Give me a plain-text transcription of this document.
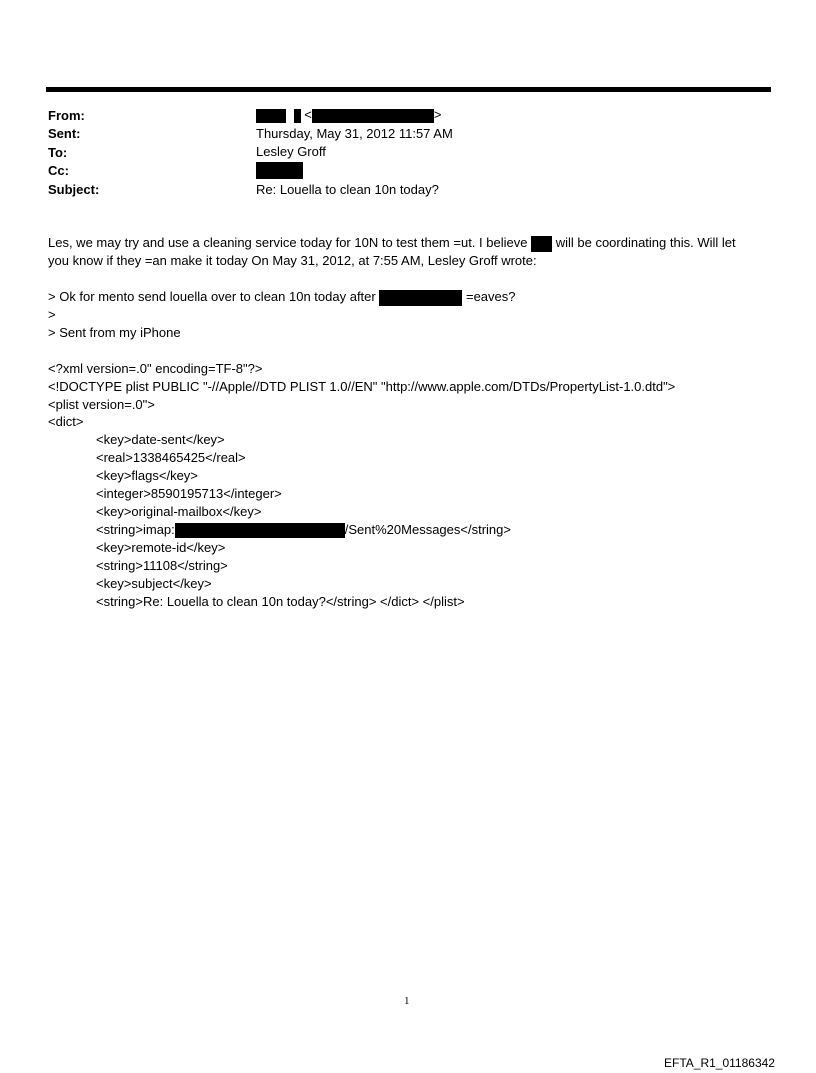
From:	<	>
Sent:	Thursday, May 31, 2012 11:57 AM
To:	Lesley Groff
Cc:
Subject:	Re: Louella to clean 10n today?
Les, we may try and use a cleaning service today for 10N to test them =ut. I believe will be coordinating this. Will let
you know if they =an make it today On May 31, 2012, at 7:55 AM, Lesley Groff wrote:
> Ok for mento send louella over to clean 10n today after	=eaves?
>
> Sent from my iPhone
<?xml version=.0" encoding=TF-8"?>
<!DOCTYPE plist PUBLIC "-//Apple//DTD PLIST 1.0//EN" "http://www.apple.com/DTDs/PropertyList-1.0.dtd">
<plist version=.0">
<dict>
<key>date-sent</key>
<real>1338465425</real>
<key>flags</key>
<integer>8590195713</integer>
<key>original-mailbox</key>
<string>imap:	/Sent%20Messages</string>
<key>remote-id</key>
<string>11108</string>
<key>subject</key>
<string>Re: Louella to clean 10n today?</string> </dict> </plist>
1
EFTA_R1_01186342
